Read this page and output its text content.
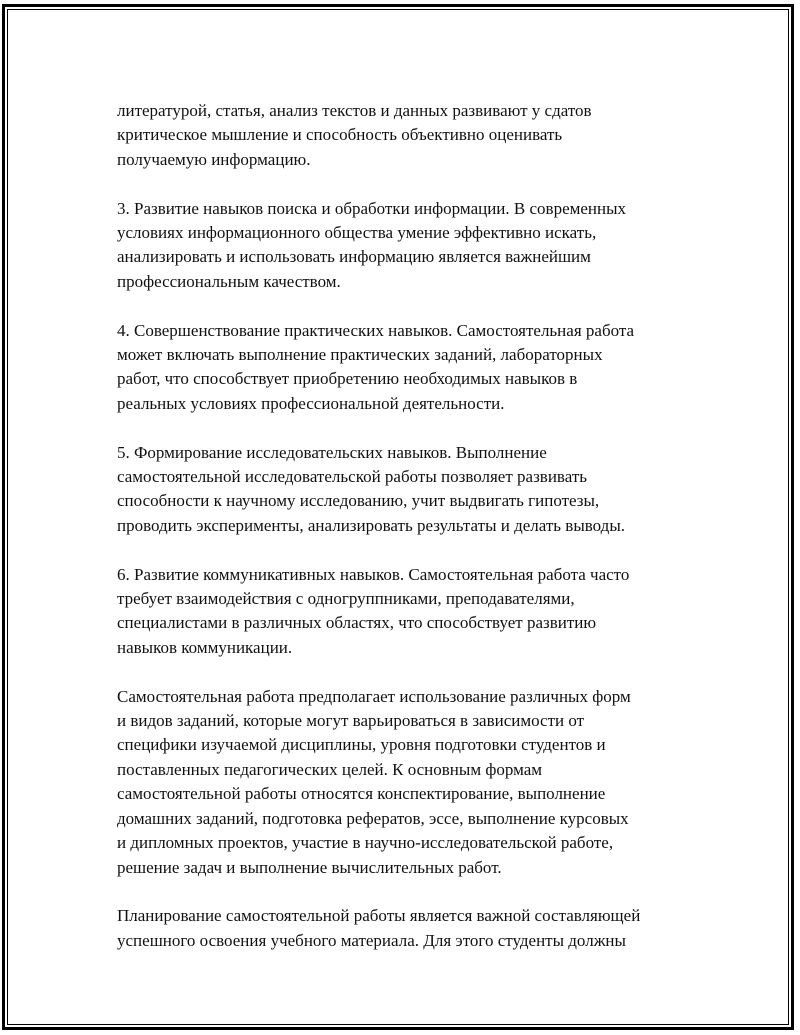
литературой, статья, анализ текстов и данных развивают у сдатов
критическое мышление и способность объективно оценивать
получаемую информацию.

3. Развитие навыков поиска и обработки информации. В современных
условиях информационного общества умение эффективно искать,
анализировать и использовать информацию является важнейшим
профессиональным качеством.

4. Совершенствование практических навыков. Самостоятельная работа
может включать выполнение практических заданий, лабораторных
работ, что способствует приобретению необходимых навыков в
реальных условиях профессиональной деятельности.

5. Формирование исследовательских навыков. Выполнение
самостоятельной исследовательской работы позволяет развивать
способности к научному исследованию, учит выдвигать гипотезы,
проводить эксперименты, анализировать результаты и делать выводы.

6. Развитие коммуникативных навыков. Самостоятельная работа часто
требует взаимодействия с одногруппниками, преподавателями,
специалистами в различных областях, что способствует развитию
навыков коммуникации.

Самостоятельная работа предполагает использование различных форм
и видов заданий, которые могут варьироваться в зависимости от
специфики изучаемой дисциплины, уровня подготовки студентов и
поставленных педагогических целей. К основным формам
самостоятельной работы относятся конспектирование, выполнение
домашних заданий, подготовка рефератов, эссе, выполнение курсовых
и дипломных проектов, участие в научно-исследовательской работе,
решение задач и выполнение вычислительных работ.

Планирование самостоятельной работы является важной составляющей
успешного освоения учебного материала. Для этого студенты должны
